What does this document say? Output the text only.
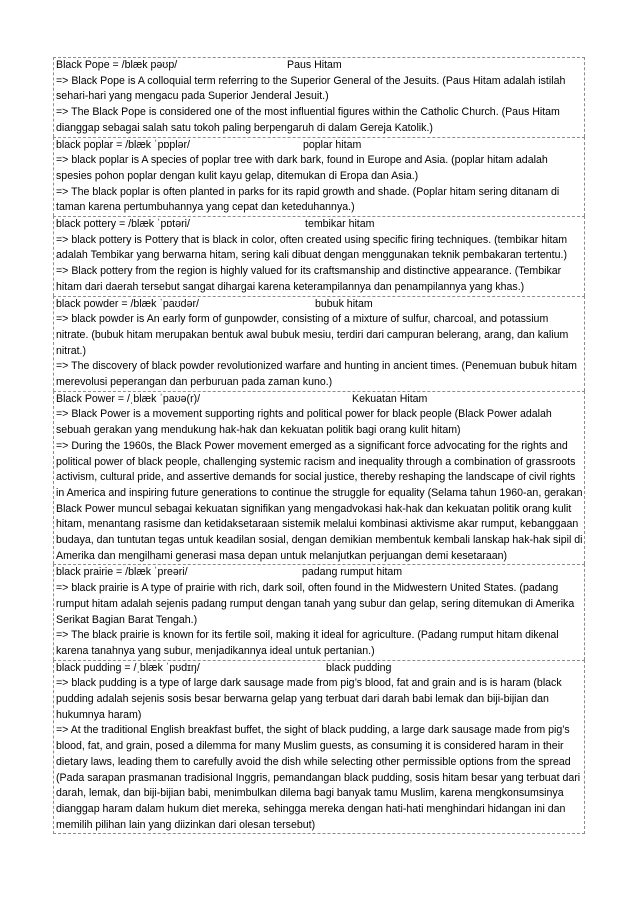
Black Pope = /blæk pəʊp/	Paus Hitam

=> Black Pope is A colloquial term referring to the Superior General of the Jesuits. (Paus Hitam adalah istilah sehari-hari yang mengacu pada Superior Jenderal Jesuit.)

=> The Black Pope is considered one of the most influential figures within the Catholic Church. (Paus Hitam dianggap sebagai salah satu tokoh paling berpengaruh di dalam Gereja Katolik.)

black poplar = /blæk ˈpɒplər/	poplar hitam

=> black poplar is A species of poplar tree with dark bark, found in Europe and Asia. (poplar hitam adalah spesies pohon poplar dengan kulit kayu gelap, ditemukan di Eropa dan Asia.)

=> The black poplar is often planted in parks for its rapid growth and shade. (Poplar hitam sering ditanam di taman karena pertumbuhannya yang cepat dan keteduhannya.)

black pottery = /blæk ˈpɒtəri/	tembikar hitam

=> black pottery is Pottery that is black in color, often created using specific firing techniques. (tembikar hitam adalah Tembikar yang berwarna hitam, sering kali dibuat dengan menggunakan teknik pembakaran tertentu.)

=> Black pottery from the region is highly valued for its craftsmanship and distinctive appearance. (Tembikar hitam dari daerah tersebut sangat dihargai karena keterampilannya dan penampilannya yang khas.)

black powder = /blæk ˈpaʊdər/	bubuk hitam

=> black powder is An early form of gunpowder, consisting of a mixture of sulfur, charcoal, and potassium nitrate. (bubuk hitam merupakan bentuk awal bubuk mesiu, terdiri dari campuran belerang, arang, dan kalium nitrat.)

=> The discovery of black powder revolutionized warfare and hunting in ancient times. (Penemuan bubuk hitam merevolusi peperangan dan perburuan pada zaman kuno.)

Black Power = /ˌblæk ˈpaʊə(r)/	Kekuatan Hitam

=> Black Power is a movement supporting rights and political power for black people (Black Power adalah sebuah gerakan yang mendukung hak-hak dan kekuatan politik bagi orang kulit hitam)

=> During the 1960s, the Black Power movement emerged as a significant force advocating for the rights and political power of black people, challenging systemic racism and inequality through a combination of grassroots activism, cultural pride, and assertive demands for social justice, thereby reshaping the landscape of civil rights in America and inspiring future generations to continue the struggle for equality (Selama tahun 1960-an, gerakan Black Power muncul sebagai kekuatan signifikan yang mengadvokasi hak-hak dan kekuatan politik orang kulit hitam, menantang rasisme dan ketidaksetaraan sistemik melalui kombinasi aktivisme akar rumput, kebanggaan budaya, dan tuntutan tegas untuk keadilan sosial, dengan demikian membentuk kembali lanskap hak-hak sipil di Amerika dan mengilhami generasi masa depan untuk melanjutkan perjuangan demi kesetaraan)

black prairie = /blæk ˈpreəri/	padang rumput hitam

=> black prairie is A type of prairie with rich, dark soil, often found in the Midwestern United States. (padang rumput hitam adalah sejenis padang rumput dengan tanah yang subur dan gelap, sering ditemukan di Amerika Serikat Bagian Barat Tengah.)

=> The black prairie is known for its fertile soil, making it ideal for agriculture. (Padang rumput hitam dikenal karena tanahnya yang subur, menjadikannya ideal untuk pertanian.)

black pudding = /ˌblæk ˈpʊdɪŋ/	black pudding

=> black pudding is a type of large dark sausage made from pig’s blood, fat and grain and is is haram (black pudding adalah sejenis sosis besar berwarna gelap yang terbuat dari darah babi lemak dan biji-bijian dan hukumnya haram)

=> At the traditional English breakfast buffet, the sight of black pudding, a large dark sausage made from pig’s blood, fat, and grain, posed a dilemma for many Muslim guests, as consuming it is considered haram in their dietary laws, leading them to carefully avoid the dish while selecting other permissible options from the spread (Pada sarapan prasmanan tradisional Inggris, pemandangan black pudding, sosis hitam besar yang terbuat dari darah, lemak, dan biji-bijian babi, menimbulkan dilema bagi banyak tamu Muslim, karena mengkonsumsinya dianggap haram dalam hukum diet mereka, sehingga mereka dengan hati-hati menghindari hidangan ini dan memilih pilihan lain yang diizinkan dari olesan tersebut)
